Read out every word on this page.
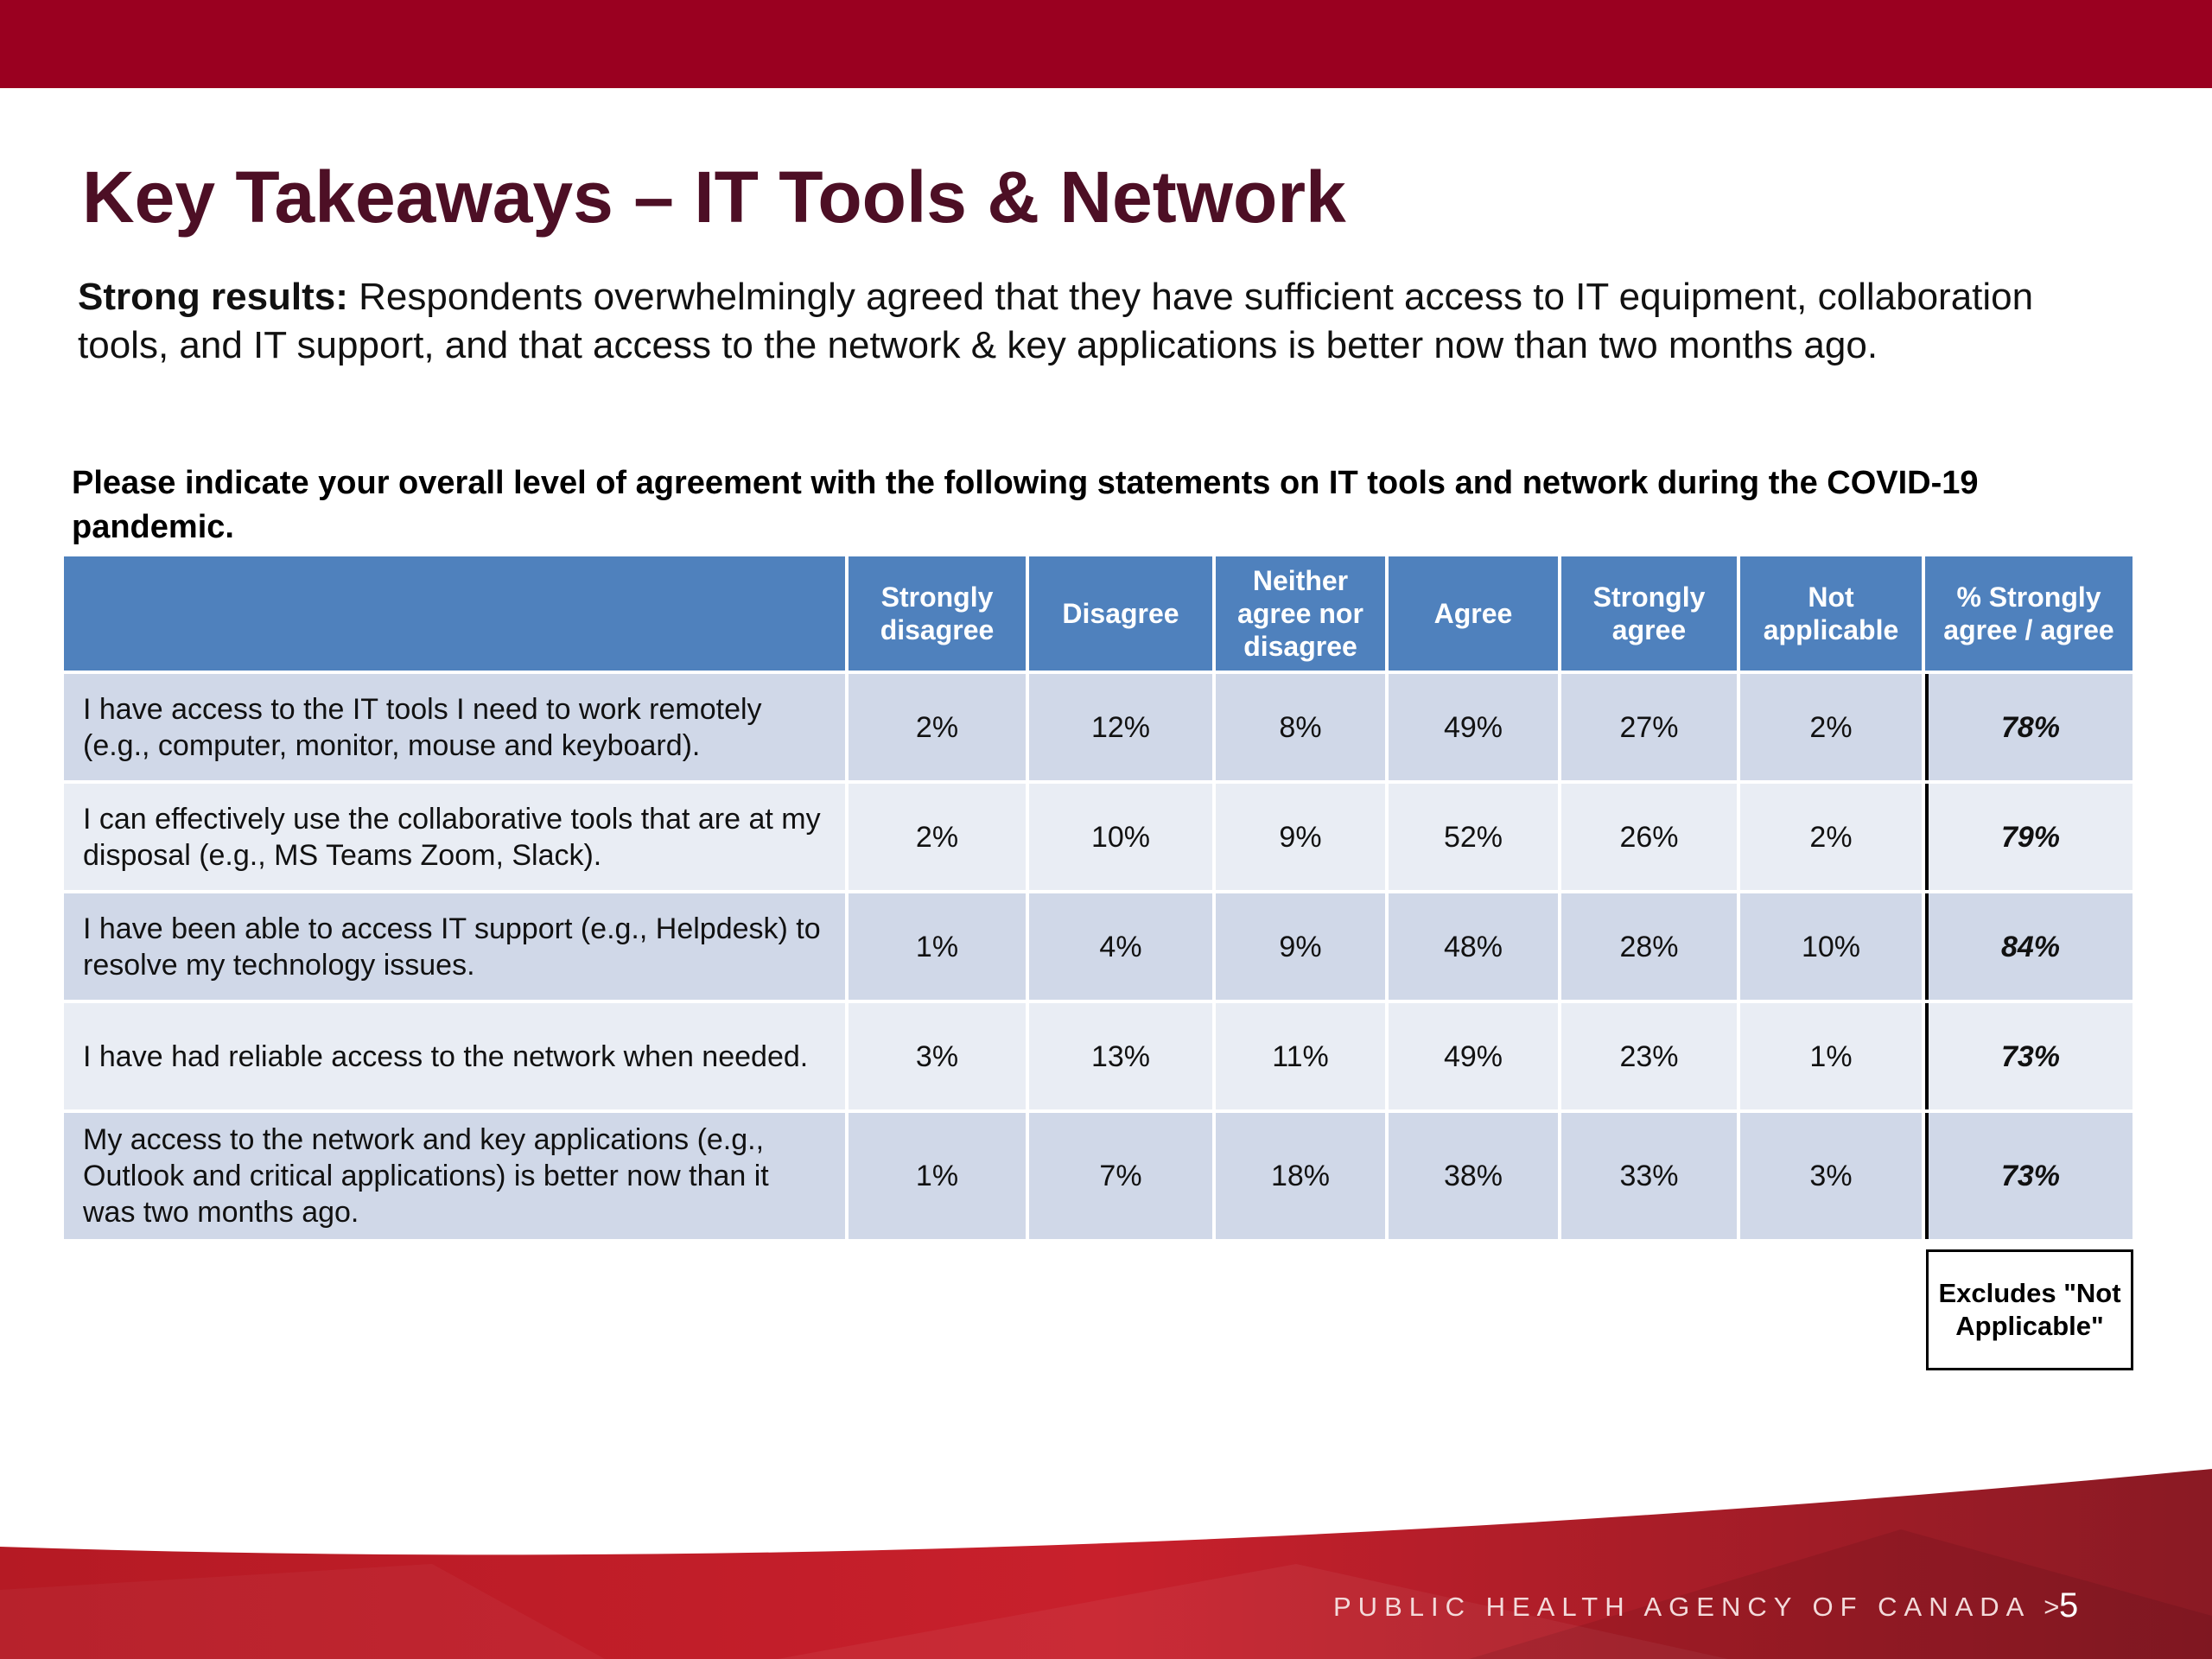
Key Takeaways – IT Tools & Network

Strong results: Respondents overwhelmingly agreed that they have sufficient access to IT equipment, collaboration tools, and IT support, and that access to the network & key applications is better now than two months ago.

Please indicate your overall level of agreement with the following statements on IT tools and network during the COVID-19 pandemic.

	Strongly disagree	Disagree	Neither agree nor disagree	Agree	Strongly agree	Not applicable	% Strongly agree / agree
I have access to the IT tools I need to work remotely (e.g., computer, monitor, mouse and keyboard).	2%	12%	8%	49%	27%	2%	78%
I can effectively use the collaborative tools that are at my disposal (e.g., MS Teams Zoom, Slack).	2%	10%	9%	52%	26%	2%	79%
I have been able to access IT support (e.g., Helpdesk) to resolve my technology issues.	1%	4%	9%	48%	28%	10%	84%
I have had reliable access to the network when needed.	3%	13%	11%	49%	23%	1%	73%
My access to the network and key applications (e.g., Outlook and critical applications) is better now than it was two months ago.	1%	7%	18%	38%	33%	3%	73%
Excludes "Not Applicable"
PUBLIC HEALTH AGENCY OF CANADA >
5
